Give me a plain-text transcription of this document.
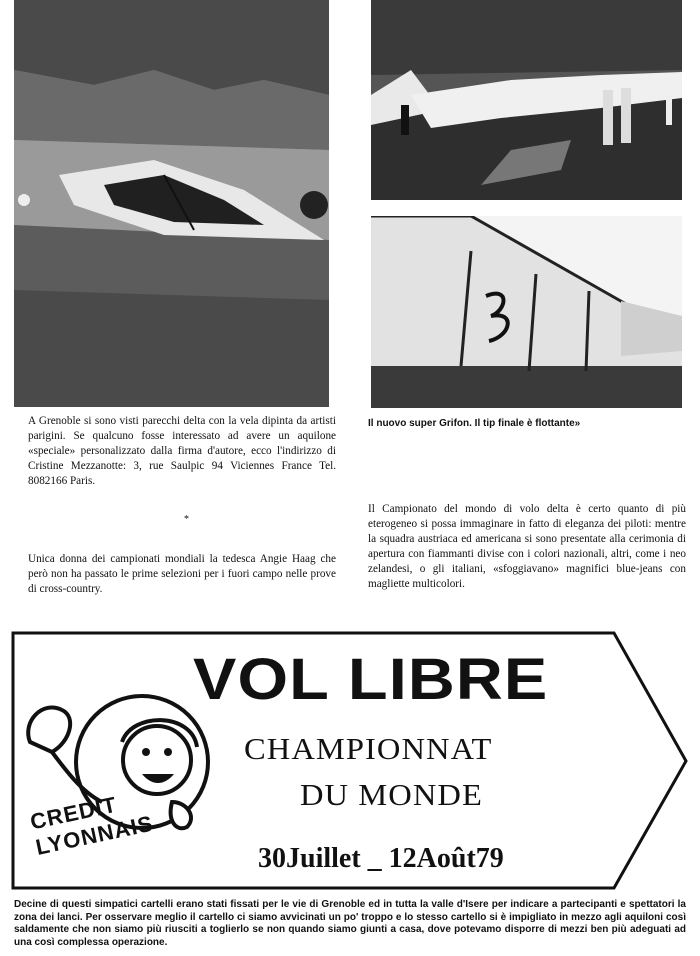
A Grenoble si sono visti parecchi delta con la vela dipinta da artisti parigini. Se qualcuno fosse interessato ad avere un aquilone «speciale» personalizzato dalla firma d'autore, ecco l'indirizzo di Cristine Mezzanotte: 3, rue Saulpic 94 Viciennes France Tel. 8082166 Paris.
Il nuovo super Grifon. Il tip finale è flottante»
*
Unica donna dei campionati mondiali la tedesca Angie Haag che però non ha passato le prime selezioni per i fuori campo nelle prove di cross-country.
Il Campionato del mondo di volo delta è certo quanto di più eterogeneo si possa immaginare in fatto di eleganza dei piloti: mentre la squadra austriaca ed americana si sono presentate alla cerimonia di apertura con fiammanti divise con i colori nazionali, altri, come i neo zelandesi, o gli italiani, «sfoggiavano» magnifici blue-jeans con magliette multicolori.
CREDIT LYONNAIS
VOL LIBRE
CHAMPIONNAT
DU MONDE
30Juillet _ 12Août79
Decine di questi simpatici cartelli erano stati fissati per le vie di Grenoble ed in tutta la valle d'Isere per indicare a partecipanti e spettatori la zona dei lanci. Per osservare meglio il cartello ci siamo avvicinati un po' troppo e lo stesso cartello si è impigliato in mezzo agli aquiloni così saldamente che non siamo più riusciti a toglierlo se non quando siamo giunti a casa, dove potevamo disporre di mezzi ben più adeguati ad una così complessa operazione.
